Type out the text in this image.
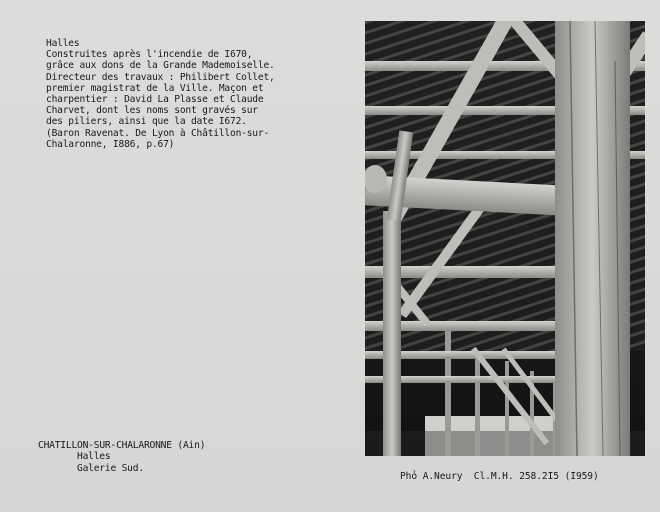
Halles
Construites après l'incendie de I670,
grâce aux dons de la Grande Mademoiselle.
Directeur des travaux : Philibert Collet,
premier magistrat de la Ville. Maçon et
charpentier : David La Plasse et Claude
Charvet, dont les noms sont gravés sur
des piliers, ainsi que la date I672.
(Baron Ravenat. De Lyon à Châtillon-sur-
Chalaronne, I886, p.67)
CHATILLON-SUR-CHALARONNE (Ain)
Halles
Galerie Sud.
Phỏ A.Neury  Cl.M.H. 258.2I5 (I959)
